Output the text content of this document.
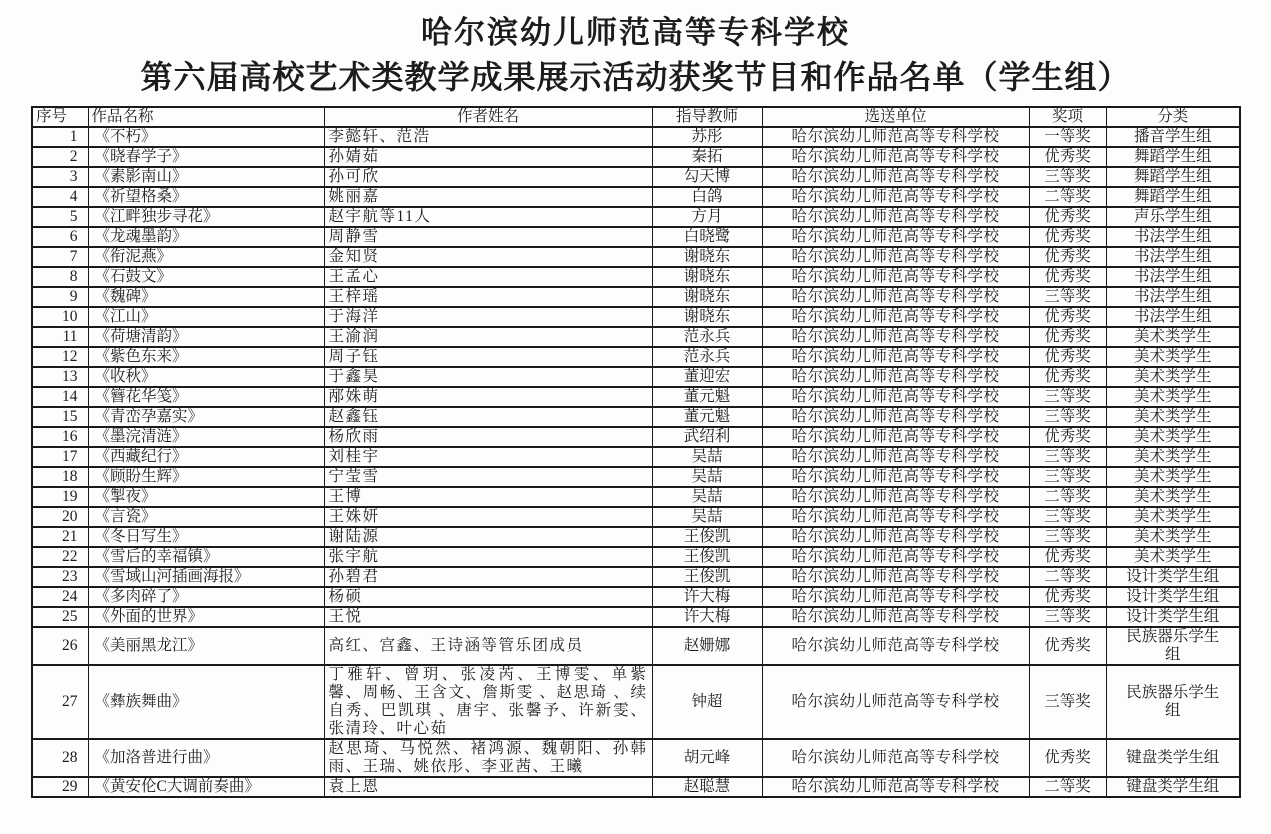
哈尔滨幼儿师范高等专科学校
第六届高校艺术类教学成果展示活动获奖节目和作品名单（学生组）
序号	作品名称	作者姓名	指导教师	选送单位	奖项	分类
1	《不朽》	李懿轩、范浩	苏彤	哈尔滨幼儿师范高等专科学校	一等奖	播音学生组
2	《晓春学子》	孙婧茹	秦拓	哈尔滨幼儿师范高等专科学校	优秀奖	舞蹈学生组
3	《素影南山》	孙可欣	勾天博	哈尔滨幼儿师范高等专科学校	三等奖	舞蹈学生组
4	《祈望格桑》	姚丽嘉	白鸽	哈尔滨幼儿师范高等专科学校	二等奖	舞蹈学生组
5	《江畔独步寻花》	赵宇航等11人	方月	哈尔滨幼儿师范高等专科学校	优秀奖	声乐学生组
6	《龙魂墨韵》	周静雪	白晓鹭	哈尔滨幼儿师范高等专科学校	优秀奖	书法学生组
7	《衔泥燕》	金知贤	谢晓东	哈尔滨幼儿师范高等专科学校	优秀奖	书法学生组
8	《石鼓文》	王孟心	谢晓东	哈尔滨幼儿师范高等专科学校	优秀奖	书法学生组
9	《魏碑》	王梓瑶	谢晓东	哈尔滨幼儿师范高等专科学校	三等奖	书法学生组
10	《江山》	于海洋	谢晓东	哈尔滨幼儿师范高等专科学校	优秀奖	书法学生组
11	《荷塘清韵》	王渝润	范永兵	哈尔滨幼儿师范高等专科学校	优秀奖	美术类学生
12	《紫色东来》	周子钰	范永兵	哈尔滨幼儿师范高等专科学校	优秀奖	美术类学生
13	《收秋》	于鑫昊	董迎宏	哈尔滨幼儿师范高等专科学校	优秀奖	美术类学生
14	《簪花华笺》	邴姝萌	董元魁	哈尔滨幼儿师范高等专科学校	三等奖	美术类学生
15	《青峦孕嘉实》	赵鑫钰	董元魁	哈尔滨幼儿师范高等专科学校	三等奖	美术类学生
16	《墨浣清涟》	杨欣雨	武绍利	哈尔滨幼儿师范高等专科学校	优秀奖	美术类学生
17	《西藏纪行》	刘桂宇	吴喆	哈尔滨幼儿师范高等专科学校	三等奖	美术类学生
18	《顾盼生辉》	宁莹雪	吴喆	哈尔滨幼儿师范高等专科学校	三等奖	美术类学生
19	《掣夜》	王博	吴喆	哈尔滨幼儿师范高等专科学校	二等奖	美术类学生
20	《言瓷》	王姝妍	吴喆	哈尔滨幼儿师范高等专科学校	三等奖	美术类学生
21	《冬日写生》	谢陆源	王俊凯	哈尔滨幼儿师范高等专科学校	三等奖	美术类学生
22	《雪后的幸福镇》	张宇航	王俊凯	哈尔滨幼儿师范高等专科学校	优秀奖	美术类学生
23	《雪域山河插画海报》	孙碧君	王俊凯	哈尔滨幼儿师范高等专科学校	二等奖	设计类学生组
24	《多肉碎了》	杨硕	许大梅	哈尔滨幼儿师范高等专科学校	优秀奖	设计类学生组
25	《外面的世界》	王悦	许大梅	哈尔滨幼儿师范高等专科学校	三等奖	设计类学生组
26	《美丽黑龙江》	高红、宫鑫、王诗涵等管乐团成员	赵姗娜	哈尔滨幼儿师范高等专科学校	优秀奖	民族器乐学生组
27	《彝族舞曲》	丁雅轩、曾玥、张凌芮、王博雯、单紫馨、周畅、王含文、詹斯雯 、赵思琦 、续自秀、巴凯琪 、唐宇、张馨予、许新雯、张清玲、叶心茹	钟超	哈尔滨幼儿师范高等专科学校	三等奖	民族器乐学生组
28	《加洛普进行曲》	赵思琦、马悦然、褚鸿源、魏朝阳、孙韩雨、王瑞、姚依彤、李亚茜、王曦	胡元峰	哈尔滨幼儿师范高等专科学校	优秀奖	键盘类学生组
29	《黄安伦C大调前奏曲》	袁上恩	赵聪慧	哈尔滨幼儿师范高等专科学校	二等奖	键盘类学生组
